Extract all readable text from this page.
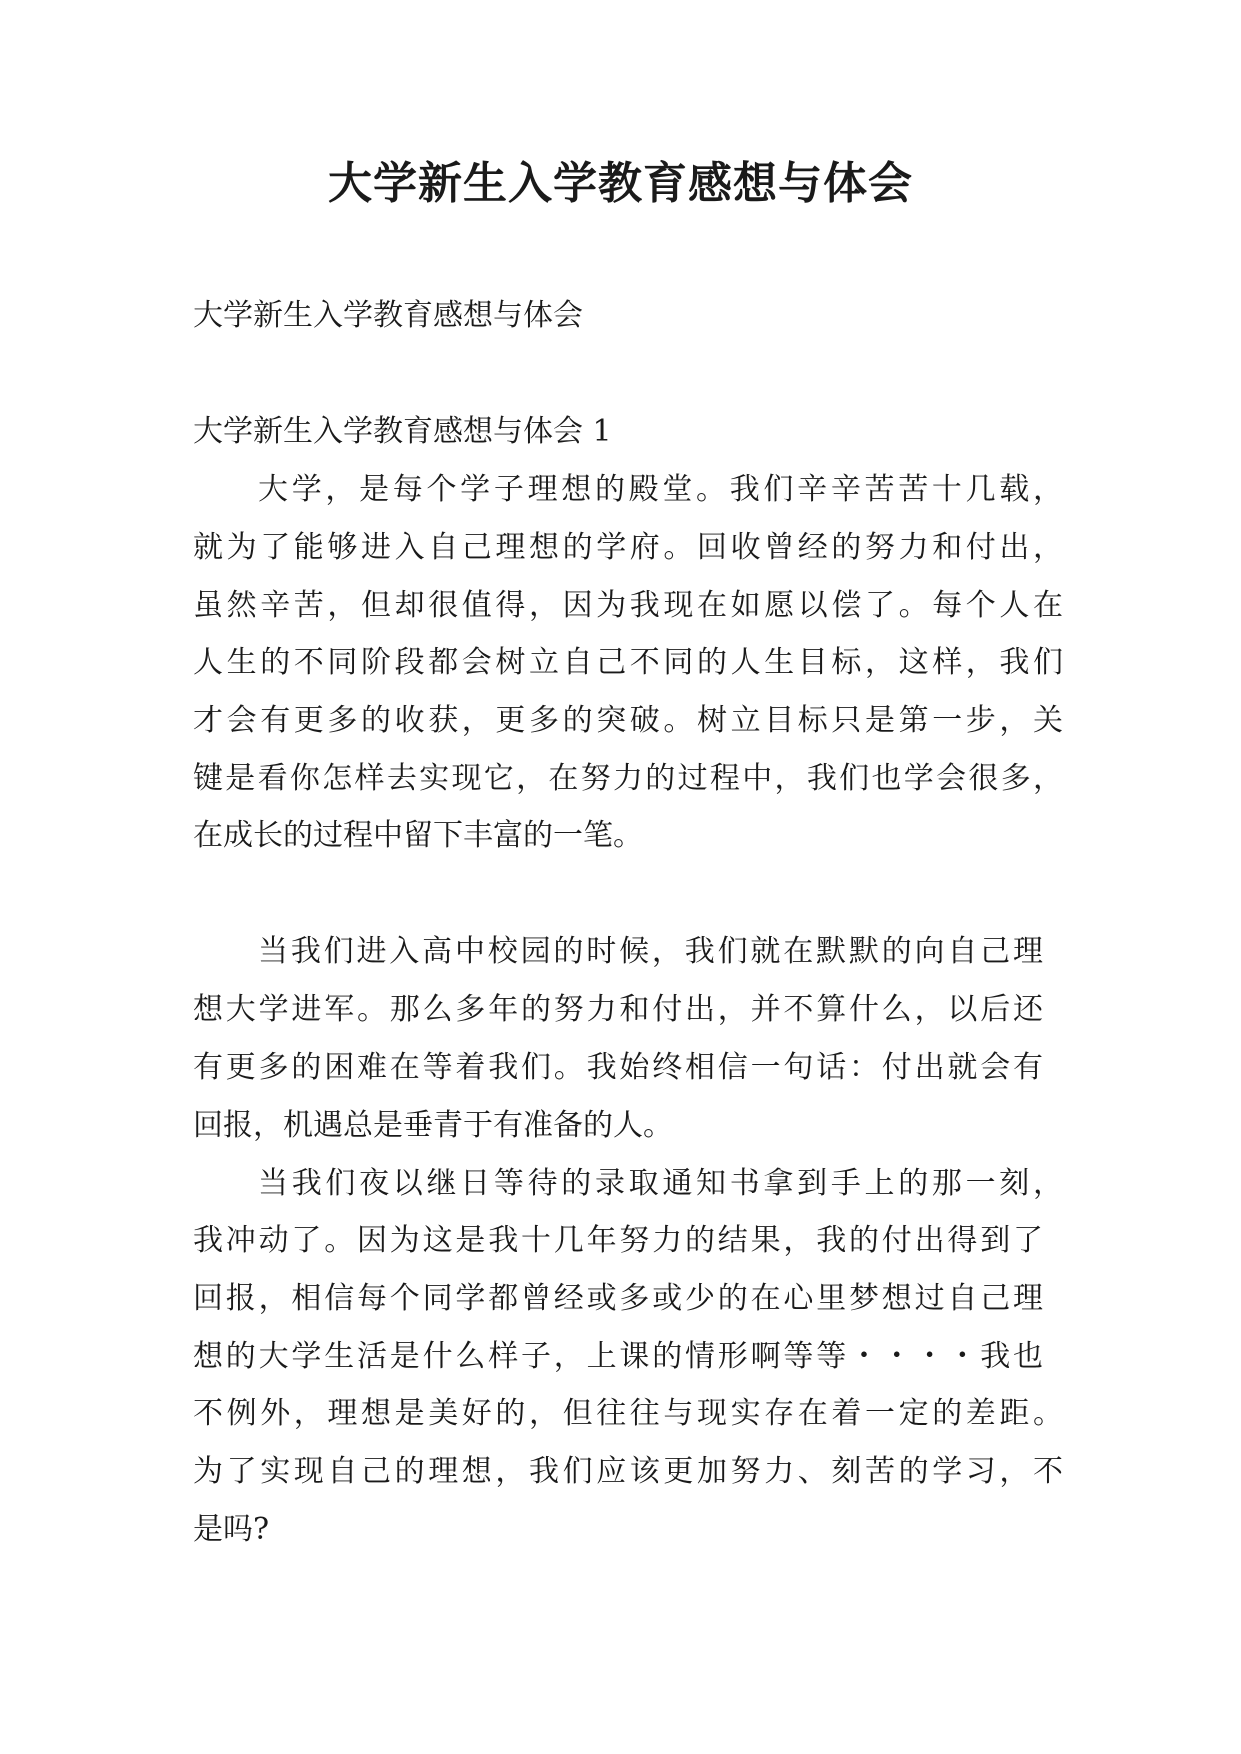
大学新生入学教育感想与体会

大学新生入学教育感想与体会

大学新生入学教育感想与体会 1

大学，是每个学子理想的殿堂。我们辛辛苦苦十几载，

就为了能够进入自己理想的学府。回收曾经的努力和付出，

虽然辛苦，但却很值得，因为我现在如愿以偿了。每个人在

人生的不同阶段都会树立自己不同的人生目标，这样，我们

才会有更多的收获，更多的突破。树立目标只是第一步，关

键是看你怎样去实现它，在努力的过程中，我们也学会很多，

在成长的过程中留下丰富的一笔。

当我们进入高中校园的时候，我们就在默默的向自己理

想大学进军。那么多年的努力和付出，并不算什么，以后还

有更多的困难在等着我们。我始终相信一句话：付出就会有

回报，机遇总是垂青于有准备的人。

当我们夜以继日等待的录取通知书拿到手上的那一刻，

我冲动了。因为这是我十几年努力的结果，我的付出得到了

回报，相信每个同学都曾经或多或少的在心里梦想过自己理

想的大学生活是什么样子，上课的情形啊等等・・・・我也

不例外，理想是美好的，但往往与现实存在着一定的差距。

为了实现自己的理想，我们应该更加努力、刻苦的学习，不

是吗?
